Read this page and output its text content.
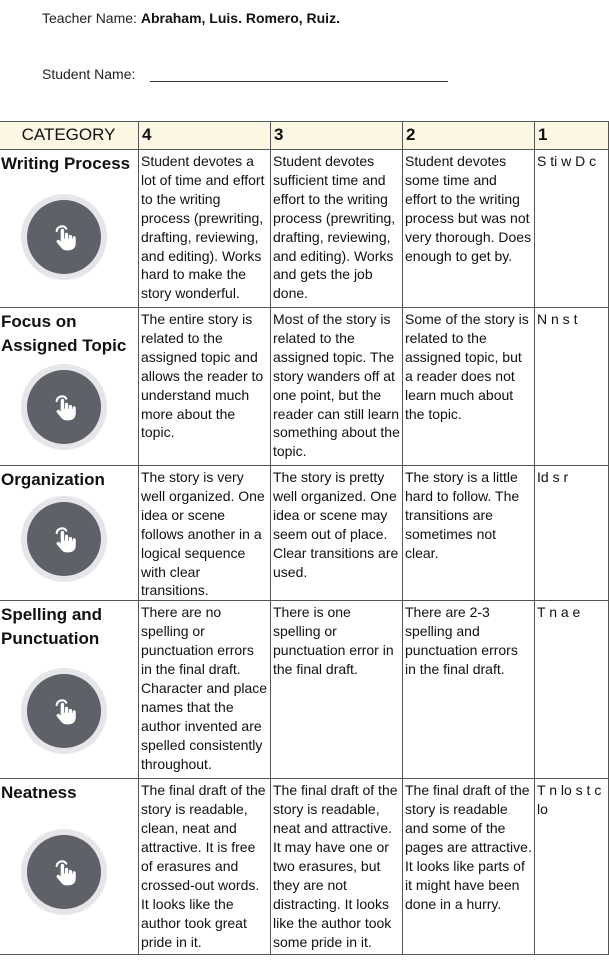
Teacher Name: Abraham, Luis. Romero, Ruiz.
Student Name:
CATEGORY	4	3	2	1

Writing Process	Student devotes a lot of time and effort to the writing process (prewriting, drafting, reviewing, and editing). Works hard to make the story wonderful.	Student devotes sufficient time and effort to the writing process (prewriting, drafting, reviewing, and editing). Works and gets the job done.	Student devotes some time and effort to the writing process but was not very thorough. Does enough to get by.	S ti w D c

Focus on Assigned Topic	The entire story is related to the assigned topic and allows the reader to understand much more about the topic.	Most of the story is related to the assigned topic. The story wanders off at one point, but the reader can still learn something about the topic.	Some of the story is related to the assigned topic, but a reader does not learn much about the topic.	N n s t

Organization	The story is very well organized. One idea or scene follows another in a logical sequence with clear transitions.	The story is pretty well organized. One idea or scene may seem out of place. Clear transitions are used.	The story is a little hard to follow. The transitions are sometimes not clear.	Id s r

Spelling and Punctuation	There are no spelling or punctuation errors in the final draft. Character and place names that the author invented are spelled consistently throughout.	There is one spelling or punctuation error in the final draft.	There are 2-3 spelling and punctuation errors in the final draft.	T n a e

Neatness	The final draft of the story is readable, clean, neat and attractive. It is free of erasures and crossed-out words. It looks like the author took great pride in it.	The final draft of the story is readable, neat and attractive. It may have one or two erasures, but they are not distracting. It looks like the author took some pride in it.	The final draft of the story is readable and some of the pages are attractive. It looks like parts of it might have been done in a hurry.	T n lo s t c lo
